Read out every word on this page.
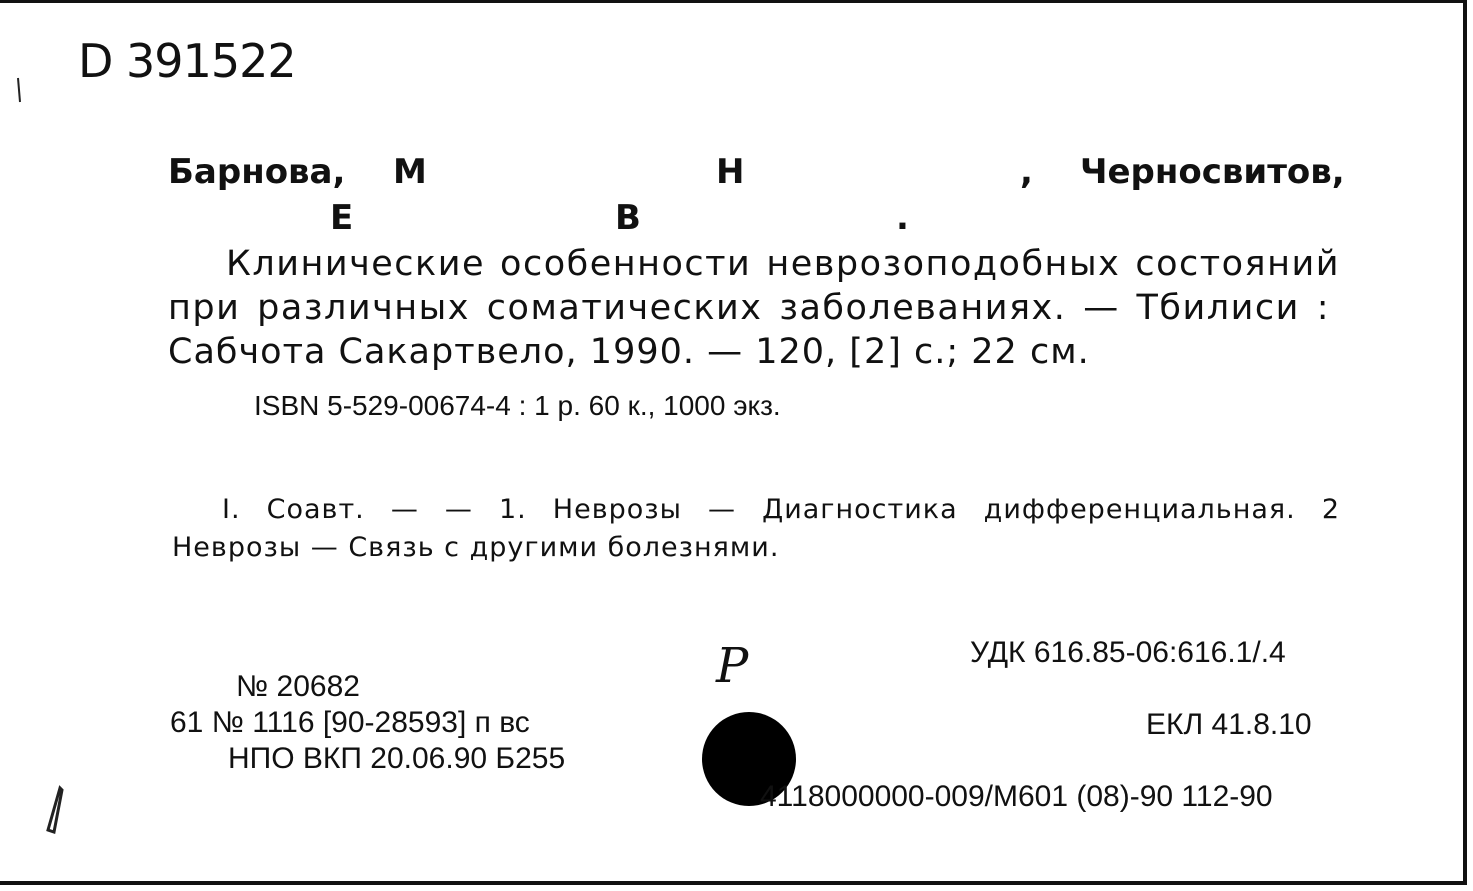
D 391522
Барнова, М	Н	, Черносвитов,
Е	В	.
Клинические особенности неврозоподобных состояний
при различных соматических заболеваниях. — Тбилиси :
Сабчота Сакартвело, 1990. — 120, [2] с.; 22 см.
ISBN 5-529-00674-4 : 1 р. 60 к., 1000 экз.
I. Соавт. — — 1. Неврозы — Диагностика дифференциальная. 2
Неврозы — Связь с другими болезнями.
№ 20682
61 № 1116 [90-28593] п вс
НПО ВКП 20.06.90 Б255
Р	УДК 616.85-06:616.1/.4
ЕКЛ 41.8.10
4118000000-009/М601 (08)-90 112-90
